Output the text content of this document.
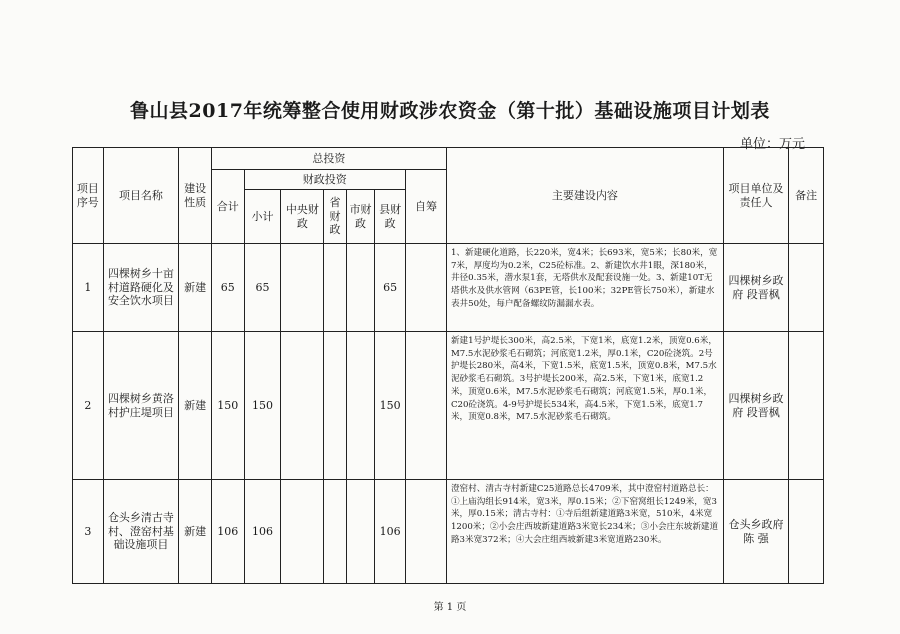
鲁山县2017年统筹整合使用财政涉农资金（第十批）基础设施项目计划表
单位：万元
项目序号	项目名称	建设性质	总投资							主要建设内容	项目单位及责任人	备注
			合计	财政投资					自筹			
				小计	中央财政	省财政	市财政	县财政				

1	四棵树乡十亩村道路硬化及安全饮水项目	新建	65	65				65		1、新建硬化道路，长220米，宽4米；长693米，宽5米；长80米，宽7米，厚度均为0.2米，C25砼标准。2、新建饮水井1眼，深180米，井径0.35米，潜水泵1套，无塔供水及配套设施一处。3、新建10T无塔供水及供水管网（63PE管，长100米；32PE管长750米），新建水表井50处，每户配备螺纹防漏漏水表。	四棵树乡政府 段晋枫	
2	四棵树乡黄洛村护庄堤项目	新建	150	150				150		新建1号护堤长300米，高2.5米，下宽1米，底宽1.2米，顶宽0.6米，M7.5水泥砂浆毛石砌筑；河底宽1.2米，厚0.1米，C20砼浇筑。2号护堤长280米，高4米，下宽1.5米，底宽1.5米，顶宽0.8米，M7.5水泥砂浆毛石砌筑。3号护堤长200米，高2.5米，下宽1米，底宽1.2米，顶宽0.6米，M7.5水泥砂浆毛石砌筑；河底宽1.5米，厚0.1米，C20砼浇筑。4-9号护堤长534米，高4.5米，下宽1.5米，底宽1.7米，顶宽0.8米，M7.5水泥砂浆毛石砌筑。	四棵树乡政府 段晋枫	
3	仓头乡清古寺村、澄窑村基础设施项目	新建	106	106				106		澄窑村、清古寺村新建C25道路总长4709米，其中澄窑村道路总长：①上庙沟组长914米，宽3米，厚0.15米；②下窑窝组长1249米，宽3米，厚0.15米；清古寺村：①寺后组新建道路3米宽，510米，4米宽1200米；②小会庄西坡新建道路3米宽长234米；③小会庄东坡新建道路3米宽372米；④大会庄组西坡新建3米宽道路230米。	仓头乡政府 陈 强	
第 1 页
